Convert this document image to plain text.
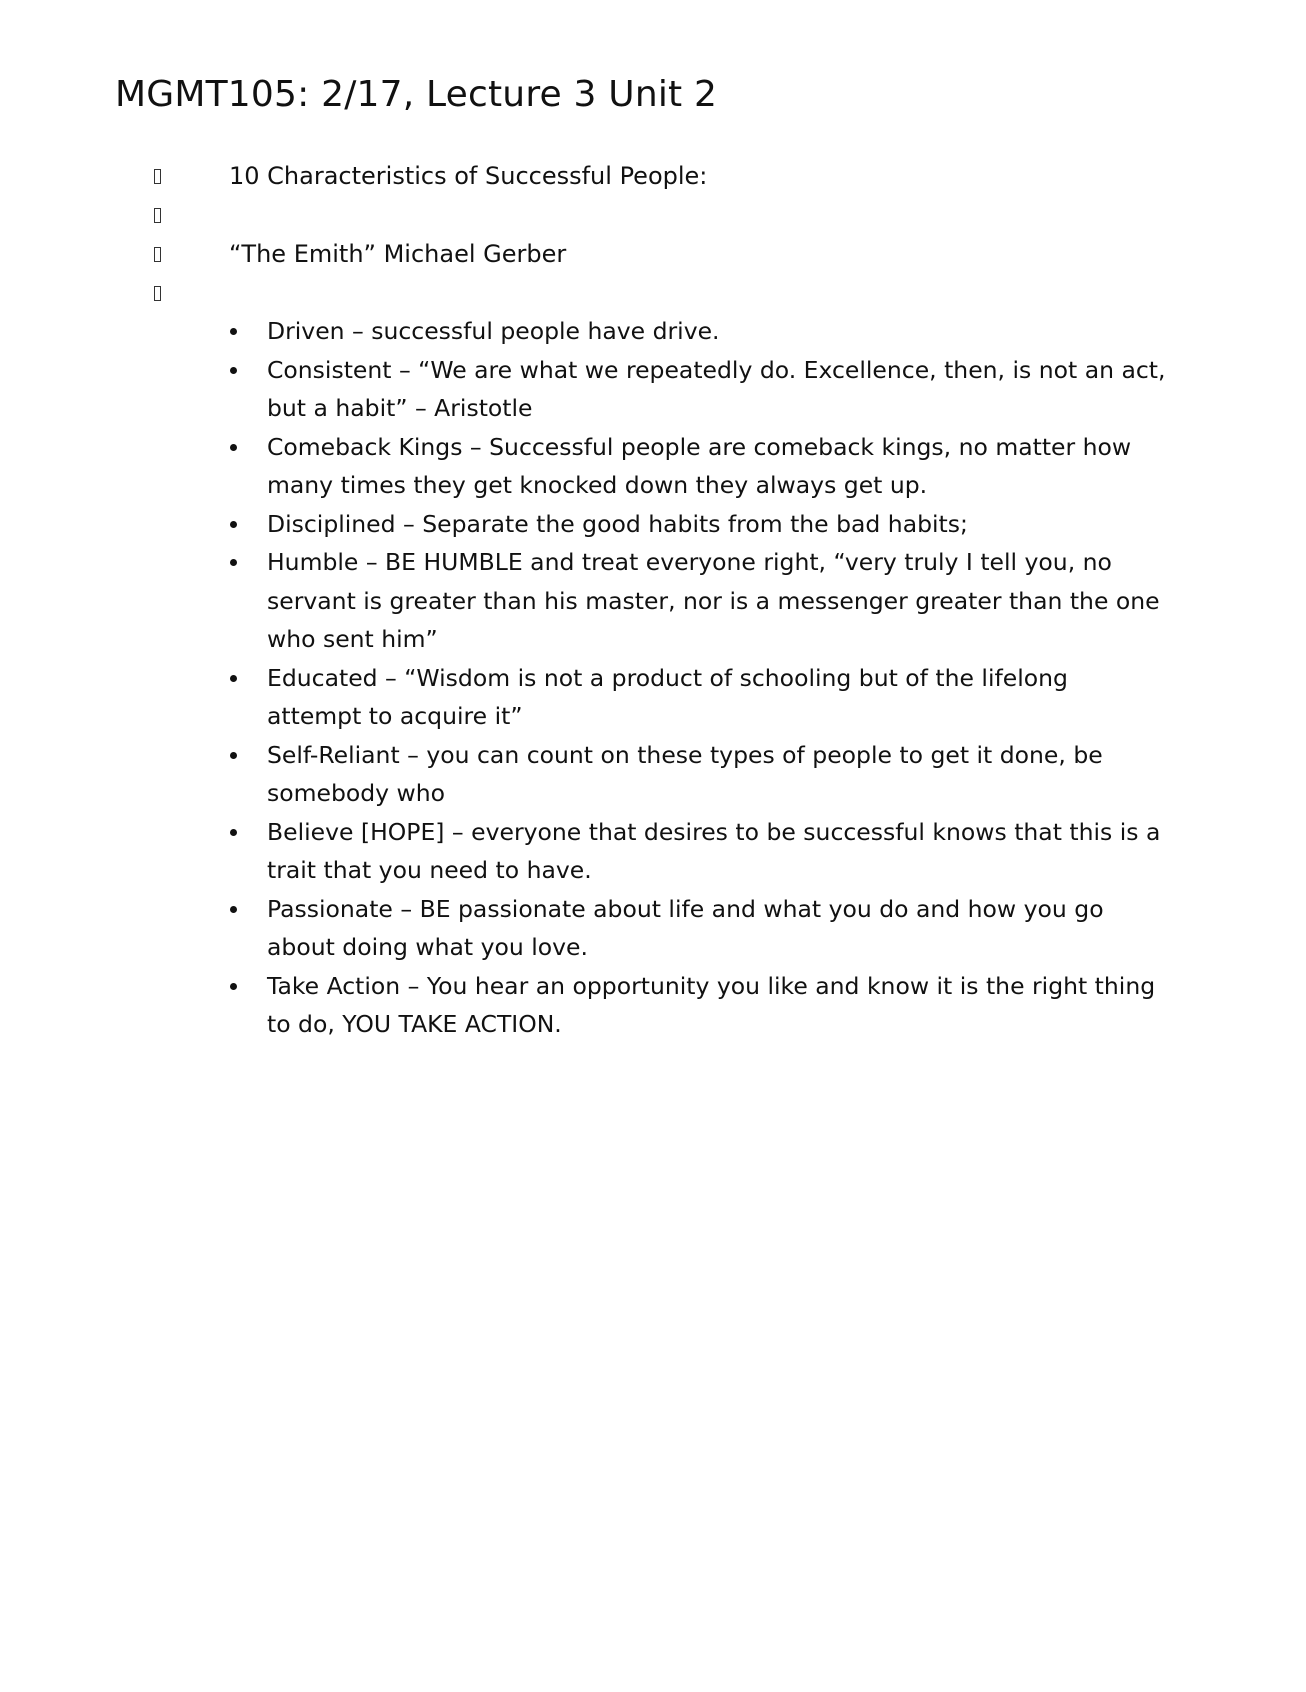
MGMT105: 2/17, Lecture 3 Unit 2
10 Characteristics of Successful People:
“The Emith” Michael Gerber
Driven – successful people have drive.
Consistent – “We are what we repeatedly do. Excellence, then, is not an act, but a habit” – Aristotle
Comeback Kings – Successful people are comeback kings, no matter how many times they get knocked down they always get up.
Disciplined – Separate the good habits from the bad habits;
Humble – BE HUMBLE and treat everyone right, “very truly I tell you, no servant is greater than his master, nor is a messenger greater than the one who sent him”
Educated – “Wisdom is not a product of schooling but of the lifelong attempt to acquire it”
Self-Reliant – you can count on these types of people to get it done, be somebody who
Believe [HOPE] – everyone that desires to be successful knows that this is a trait that you need to have.
Passionate – BE passionate about life and what you do and how you go about doing what you love.
Take Action – You hear an opportunity you like and know it is the right thing to do, YOU TAKE ACTION.
